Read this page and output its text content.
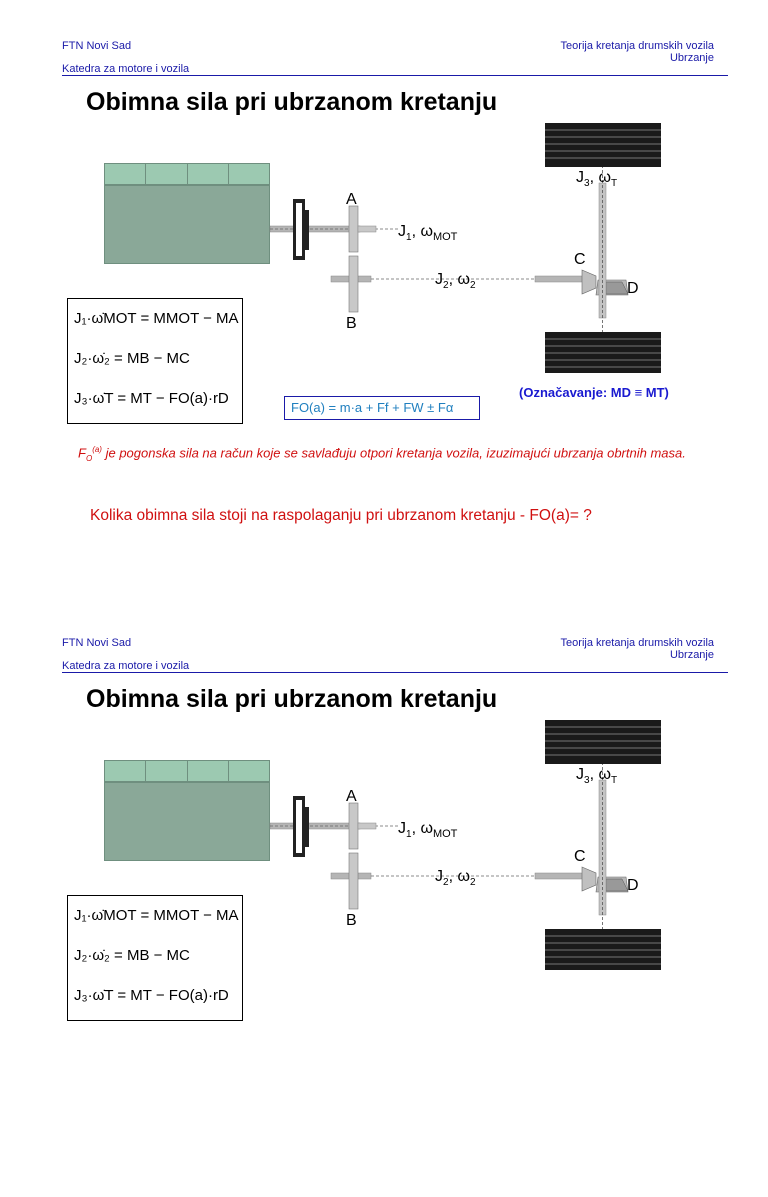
FTN Novi Sad
Katedra za motore i vozila
Teorija kretanja drumskih vozila
Ubrzanje
Obimna sila pri ubrzanom kretanju
A
B
C
D
$J_1$, $\omega_{MOT}$
$J_2$, $\omega_2$
$J_3$, $\omega_T$
J₁·ω̇MOT = MMOT − MA
J₂·ω̇₂ = MB − MC
J₃·ω̇T = MT − FO(a)·rD
FO(a) = m·a + Ff + FW ± Fα
(Označavanje: MD ≡ MT)
$F_O^{(a)}$ je pogonska sila na račun koje se savlađuju otpori kretanja vozila, izuzimajući ubrzanja obrtnih masa.
Kolika obimna sila stoji na raspolaganju pri ubrzanom kretanju - FO(a)= ?
FTN Novi Sad
Katedra za motore i vozila
Teorija kretanja drumskih vozila
Ubrzanje
Obimna sila pri ubrzanom kretanju
A
B
C
D
$J_1$, $\omega_{MOT}$
$J_2$, $\omega_2$
$J_3$, $\omega_T$
J₁·ω̇MOT = MMOT − MA
J₂·ω̇₂ = MB − MC
J₃·ω̇T = MT − FO(a)·rD
